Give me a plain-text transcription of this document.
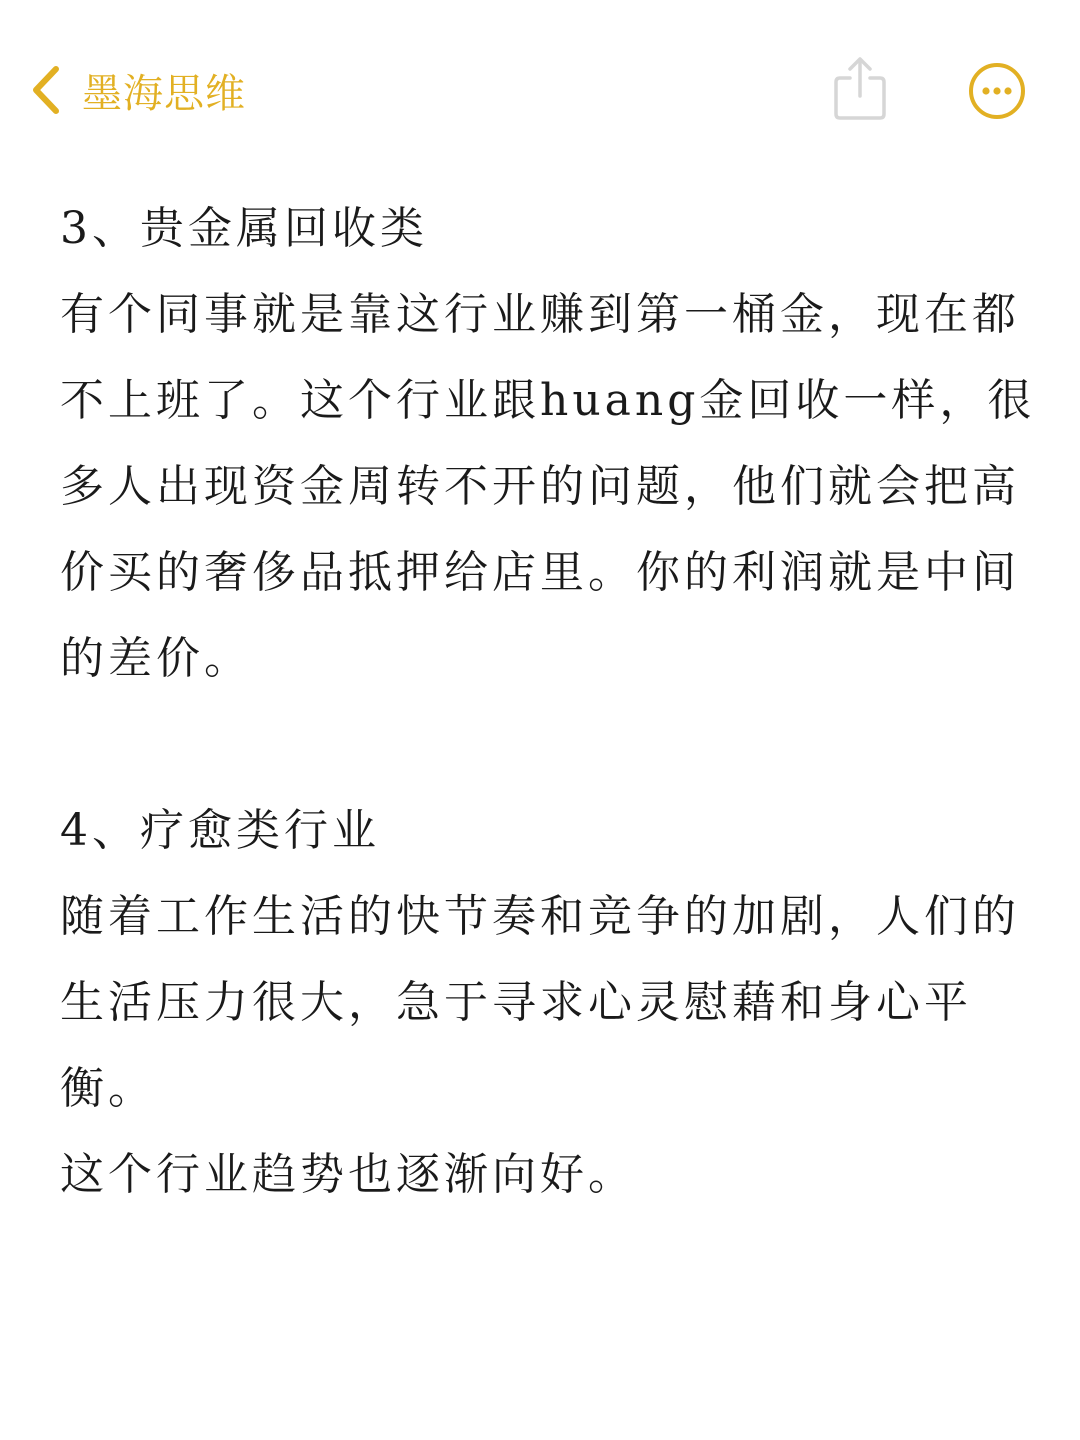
墨海思维

3、贵金属回收类

有个同事就是靠这行业赚到第一桶金，现在都
不上班了。这个行业跟huang金回收一样，很
多人出现资金周转不开的问题，他们就会把高
价买的奢侈品抵押给店里。你的利润就是中间
的差价。

4、疗愈类行业

随着工作生活的快节奏和竞争的加剧，人们的
生活压力很大，急于寻求心灵慰藉和身心平衡。
这个行业趋势也逐渐向好。
